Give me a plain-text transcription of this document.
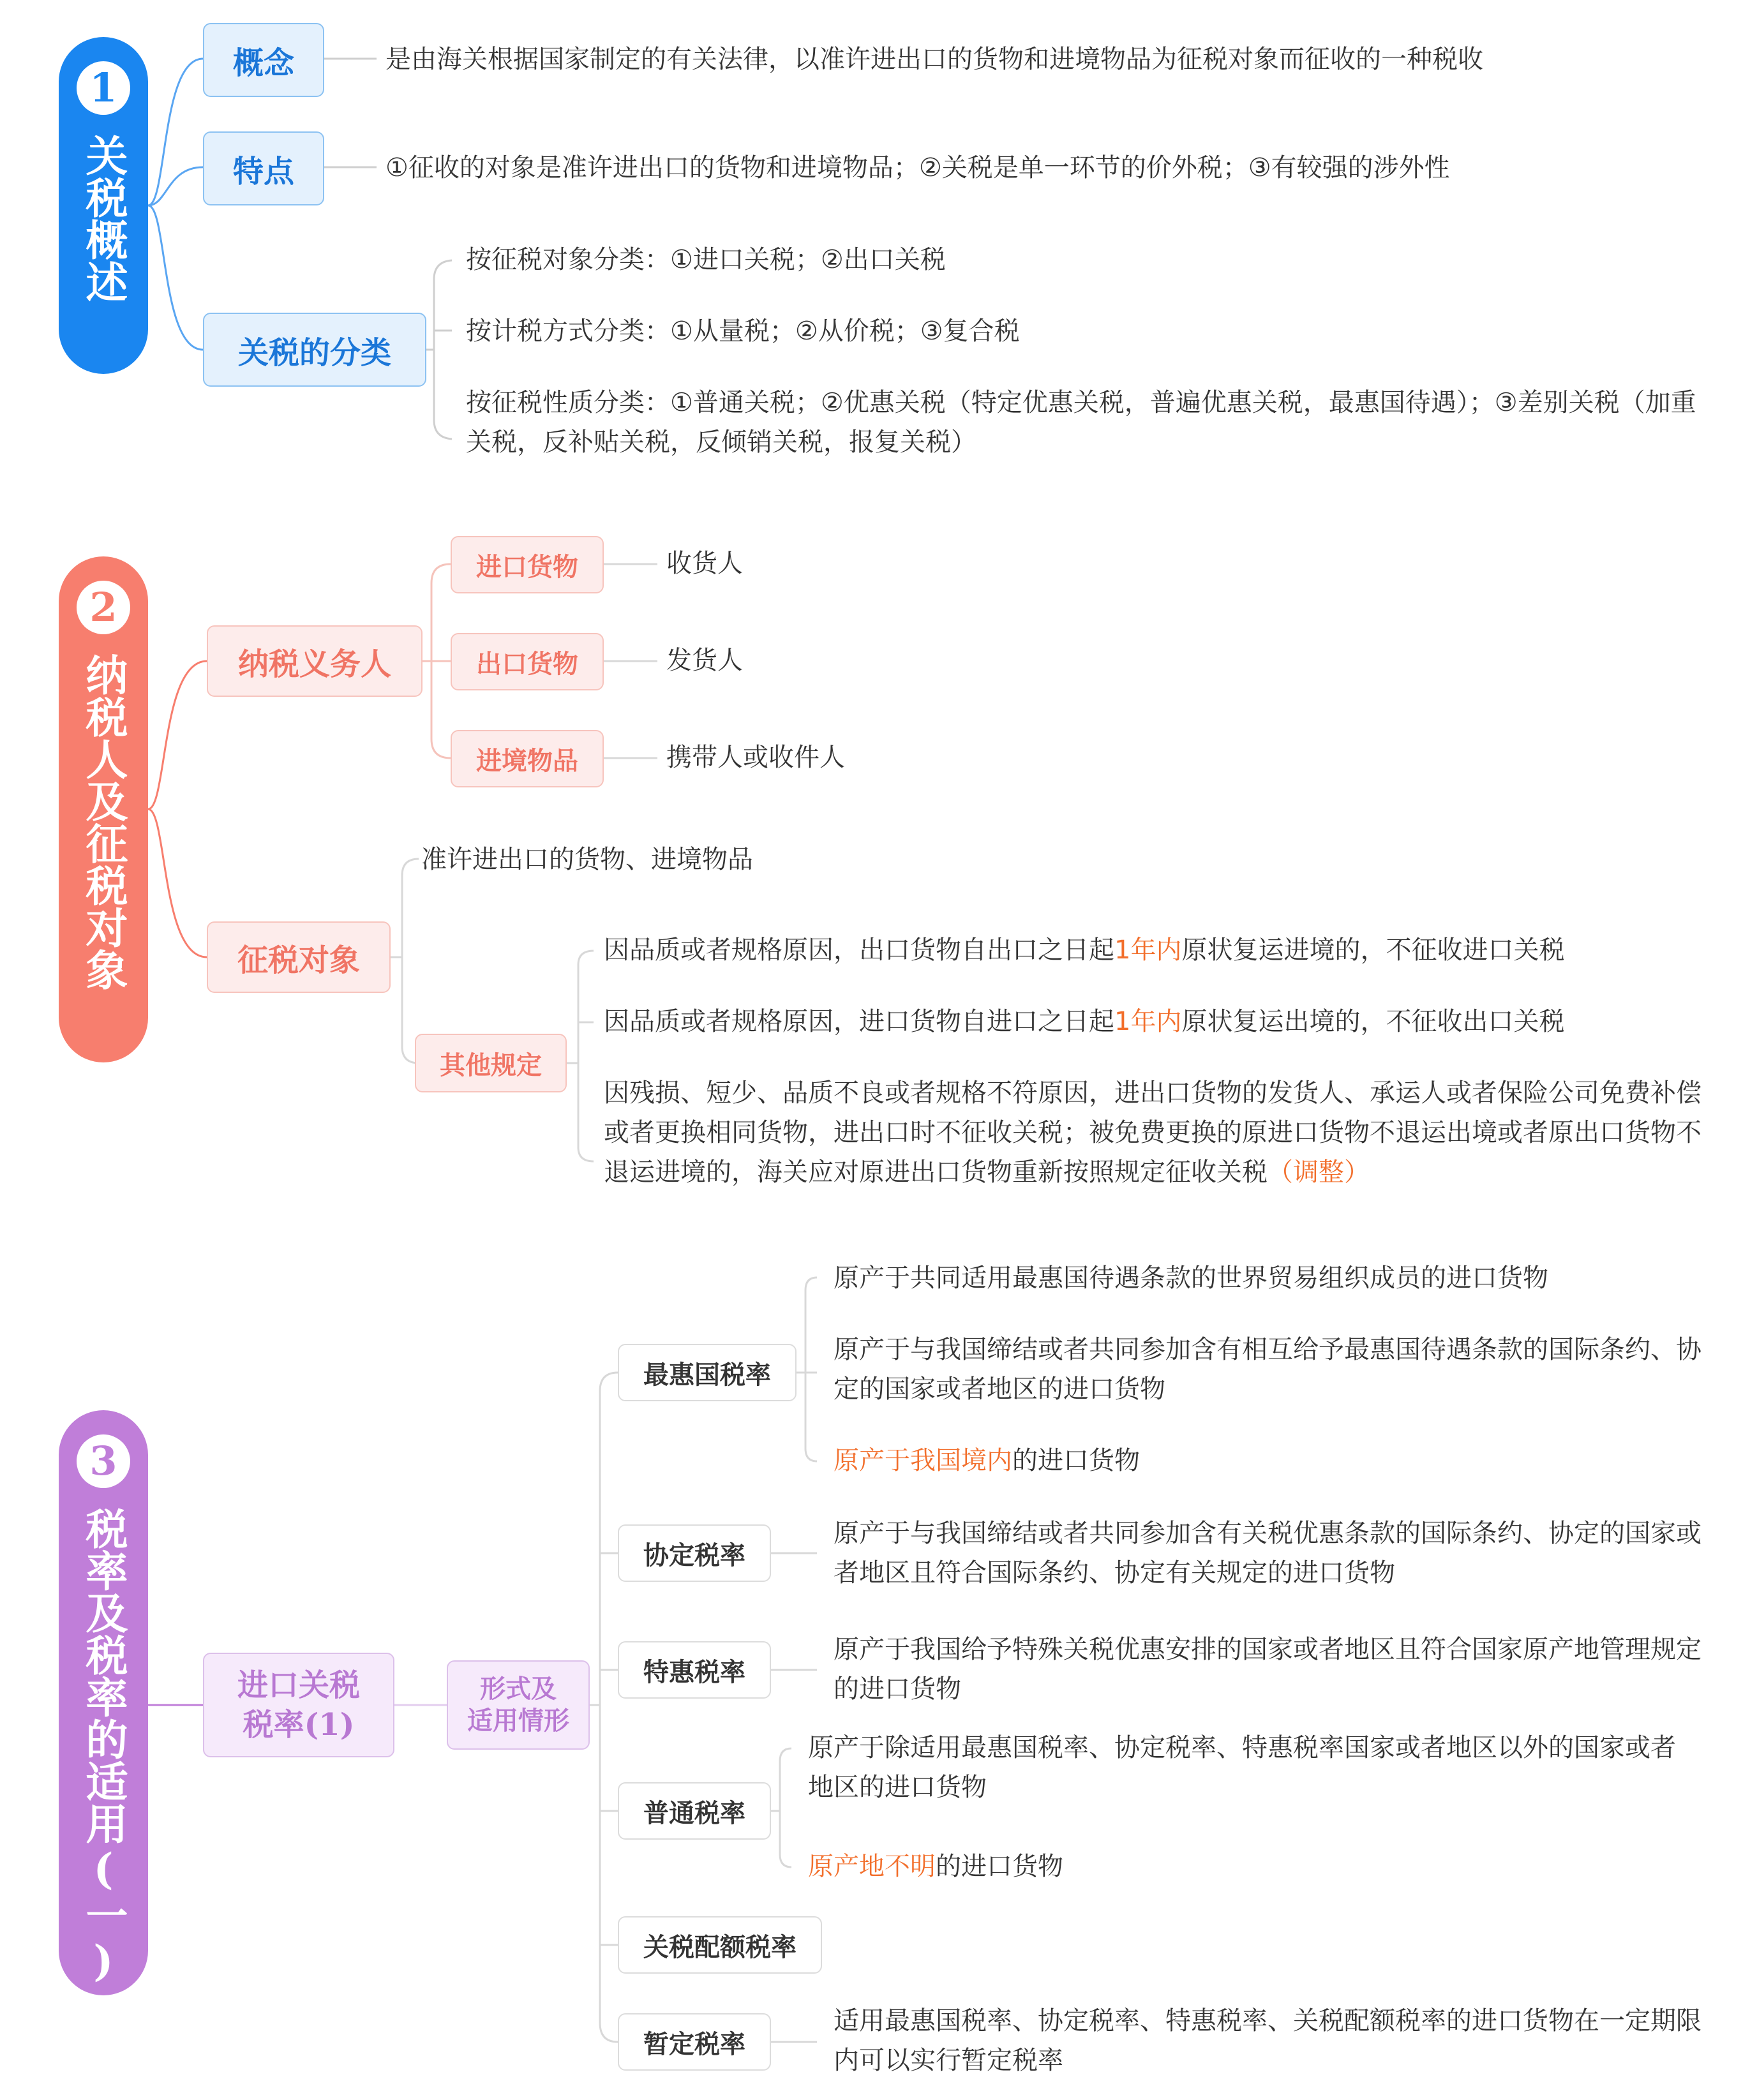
1
关税概述
概念	是由海关根据国家制定的有关法律，以准许进出口的货物和进境物品为征税对象而征收的一种税收
特点	①征收的对象是准许进出口的货物和进境物品；②关税是单一环节的价外税；③有较强的涉外性
关税的分类
按征税对象分类：①进口关税；②出口关税
按计税方式分类：①从量税；②从价税；③复合税
按征税性质分类：①普通关税；②优惠关税（特定优惠关税，普遍优惠关税，最惠国待遇）；③差别关税（加重关税，反补贴关税，反倾销关税，报复关税）
2
纳税人及征税对象	纳税义务人
进口货物	收货人
出口货物	发货人
进境物品	携带人或收件人
征税对象
准许进出口的货物、进境物品
其他规定
因品质或者规格原因，出口货物自出口之日起1年内原状复运进境的，不征收进口关税
因品质或者规格原因，进口货物自进口之日起1年内原状复运出境的，不征收出口关税
因残损、短少、品质不良或者规格不符原因，进出口货物的发货人、承运人或者保险公司免费补偿或者更换相同货物，进出口时不征收关税；被免费更换的原进口货物不退运出境或者原出口货物不退运进境的，海关应对原进出口货物重新按照规定征收关税（调整）
3
税率及税率的适用(一)	进口关税
税率(1)
形式及
适用情形
最惠国税率
原产于共同适用最惠国待遇条款的世界贸易组织成员的进口货物
原产于与我国缔结或者共同参加含有相互给予最惠国待遇条款的国际条约、协定的国家或者地区的进口货物
原产于我国境内的进口货物
协定税率
原产于与我国缔结或者共同参加含有关税优惠条款的国际条约、协定的国家或者地区且符合国际条约、协定有关规定的进口货物
特惠税率
原产于我国给予特殊关税优惠安排的国家或者地区且符合国家原产地管理规定的进口货物
普通税率
原产于除适用最惠国税率、协定税率、特惠税率国家或者地区以外的国家或者地区的进口货物
原产地不明的进口货物
关税配额税率
暂定税率
适用最惠国税率、协定税率、特惠税率、关税配额税率的进口货物在一定期限内可以实行暂定税率
